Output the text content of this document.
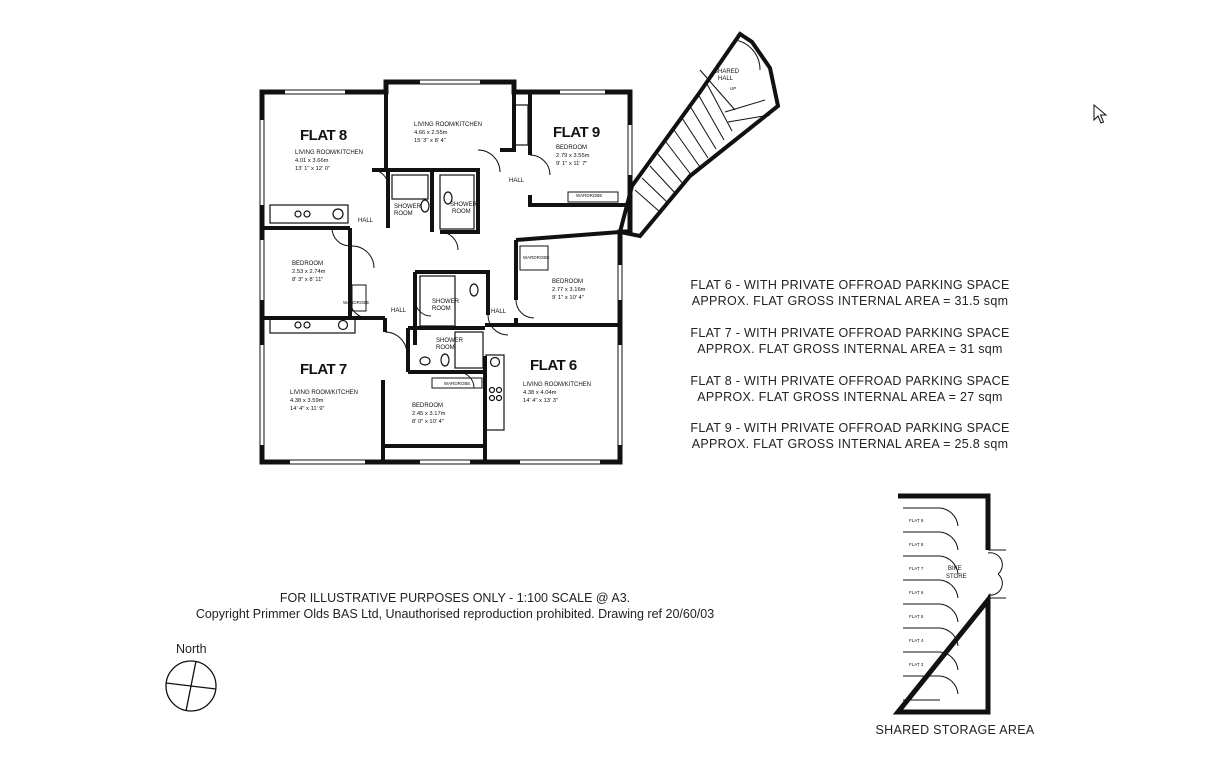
FLAT 8
LIVING ROOM/KITCHEN
4.01 x 3.66m
13' 1" x 12' 0"
BEDROOM
2.53 x 2.74m
8' 3" x 8' 11"
LIVING ROOM/KITCHEN
4.66 x 2.55m
15' 3" x 8' 4"	FLAT 9
BEDROOM
2.79 x 3.55m
9' 1" x 11' 7"
FLAT 7
LIVING ROOM/KITCHEN
4.38 x 3.59m
14' 4" x 11' 9"	BEDROOM
2.45 x 3.17m
8' 0" x 10' 4"
FLAT 6
LIVING ROOM/KITCHEN
4.38 x 4.04m
14' 4" x 13' 3"
BEDROOM
2.77 x 3.16m
9' 1" x 10' 4"
HALL
HALL
HALL	HALL
SHOWER
ROOM
SHOWER
ROOM
SHOWER
ROOM
SHOWER
ROOM
WARDROBE
WARDROBE
WARDROBE
WARDROBE
SHARED
HALL
UP
FLAT 9
FLAT 8
FLAT 7
FLAT 6
FLAT 5
FLAT 4
FLAT 3
BIKE
STORE
FLAT 6 - WITH PRIVATE OFFROAD PARKING SPACE
APPROX. FLAT GROSS INTERNAL AREA = 31.5 sqm
FLAT 7 - WITH PRIVATE OFFROAD PARKING SPACE
APPROX. FLAT GROSS INTERNAL AREA = 31 sqm
FLAT 8 - WITH PRIVATE OFFROAD PARKING SPACE
APPROX. FLAT GROSS INTERNAL AREA = 27 sqm
FLAT 9 - WITH PRIVATE OFFROAD PARKING SPACE
APPROX. FLAT GROSS INTERNAL AREA = 25.8 sqm
FOR ILLUSTRATIVE PURPOSES ONLY - 1:100 SCALE @ A3.
Copyright Primmer Olds BAS Ltd, Unauthorised reproduction prohibited. Drawing ref 20/60/03
North
SHARED STORAGE AREA
